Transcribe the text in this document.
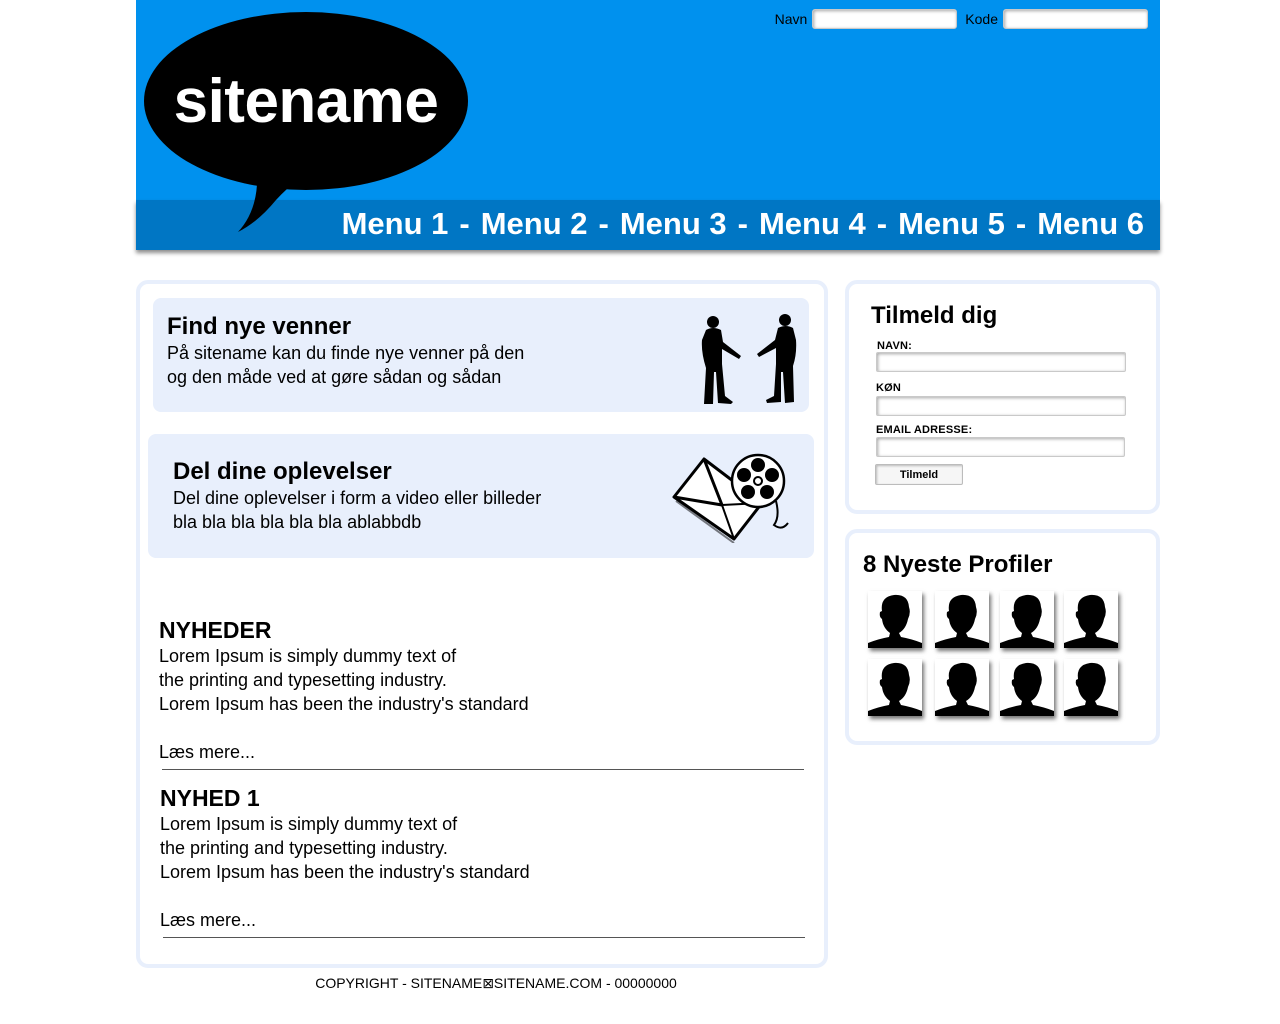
sitename
Navn	Kode
Menu 1 - Menu 2 - Menu 3 - Menu 4 - Menu 5 - Menu 6
Find nye venner

På sitename kan du finde nye venner på den
og den måde ved at gøre sådan og sådan

Del dine oplevelser

Del dine oplevelser i form a video eller billeder
bla bla bla bla bla bla ablabbdb

NYHEDER

Lorem Ipsum is simply dummy text of
the printing and typesetting industry.
Lorem Ipsum has been the industry's standard

Læs mere...
NYHED 1

Lorem Ipsum is simply dummy text of
the printing and typesetting industry.
Lorem Ipsum has been the industry's standard

Læs mere...
Tilmeld dig
NAVN:
KØN
EMAIL ADRESSE:
Tilmeld
8 Nyeste Profiler
COPYRIGHT - SITENAME⊠SITENAME.COM - 00000000
